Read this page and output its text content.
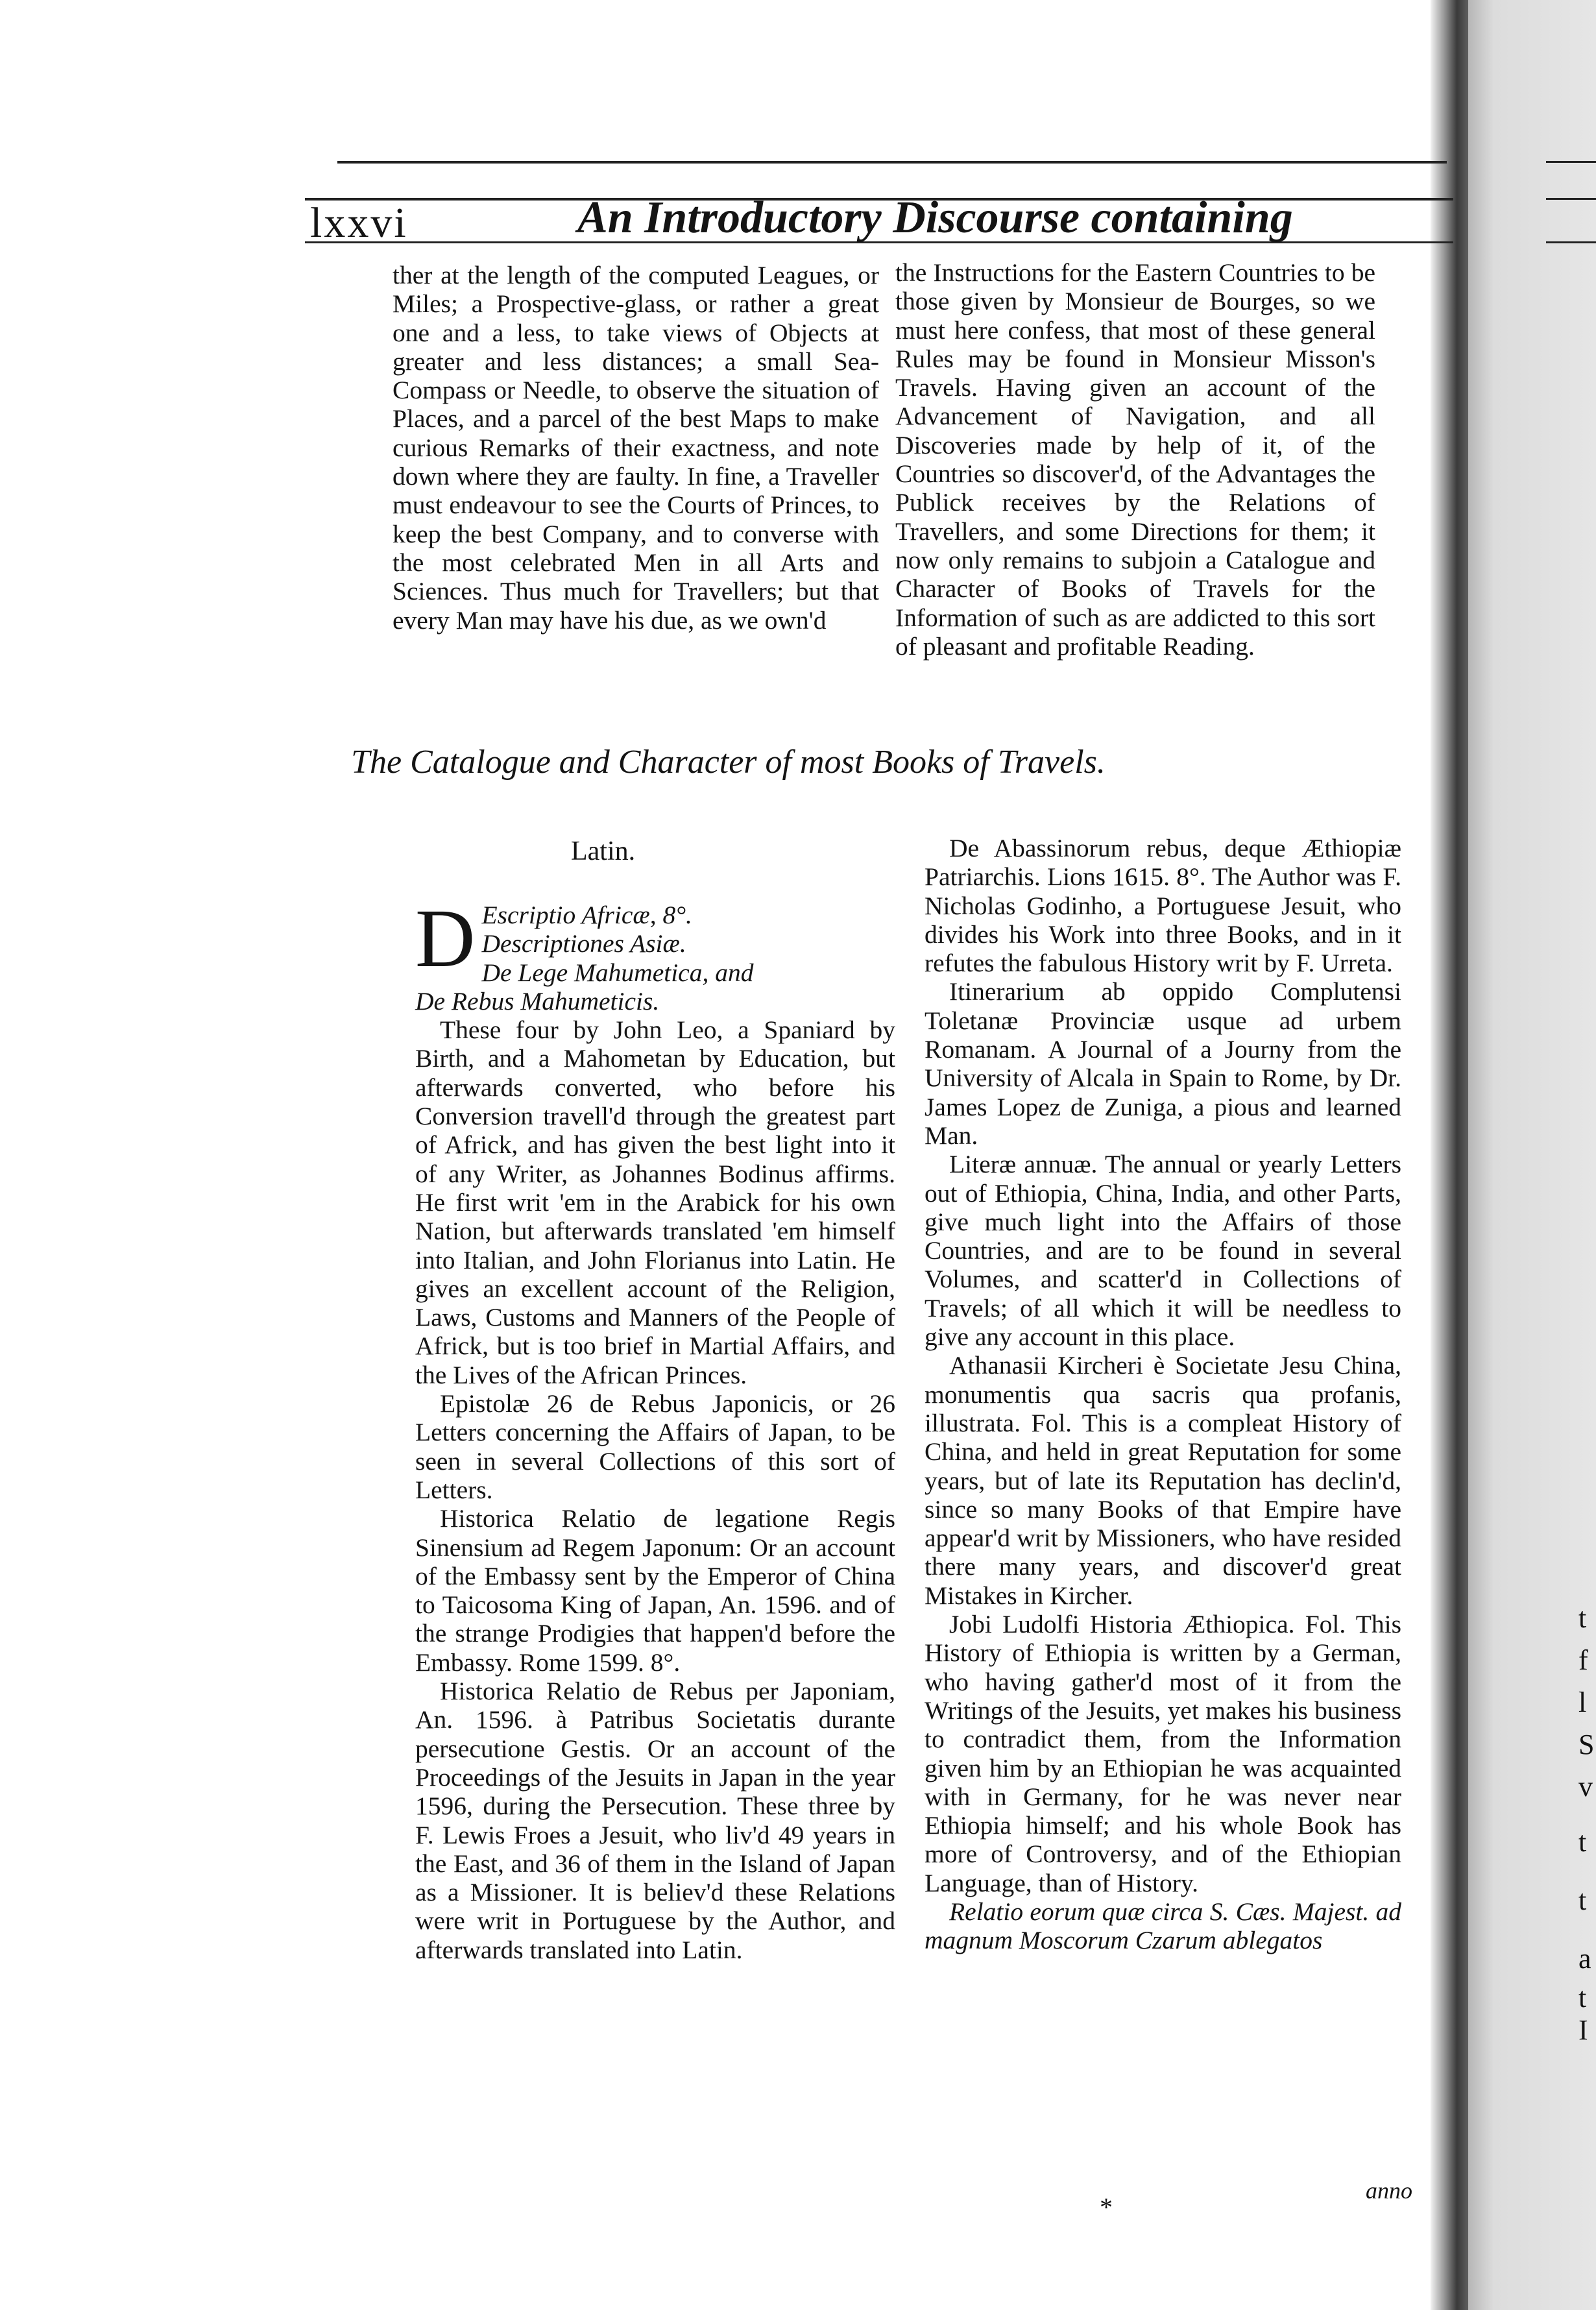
t
f
l
S
v
t
t
a
t
I
lxxvi	An Introductory Discourse containing

ther at the length of the computed Leagues, or Miles; a Prospective-glass, or rather a great one and a less, to take views of Objects at greater and less distances; a small Sea-Compass or Needle, to observe the situation of Places, and a parcel of the best Maps to make curious Remarks of their exactness, and note down where they are faulty. In fine, a Traveller must endeavour to see the Courts of Princes, to keep the best Company, and to converse with the most celebrated Men in all Arts and Sciences. Thus much for Travellers; but that every Man may have his due, as we own'd

the Instructions for the Eastern Countries to be those given by Monsieur de Bourges, so we must here confess, that most of these general Rules may be found in Monsieur Misson's Travels. Having given an account of the Advancement of Navigation, and all Discoveries made by help of it, of the Countries so discover'd, of the Advantages the Publick receives by the Relations of Travellers, and some Directions for them; it now only remains to subjoin a Catalogue and Character of Books of Travels for the Information of such as are addicted to this sort of pleasant and profitable Reading.

The Catalogue and Character of most Books of Travels.
Latin.
D Escriptio Africæ, 8°.
Descriptiones Asiæ.
De Lege Mahumetica, and
De Rebus Mahumeticis.

These four by John Leo, a Spaniard by Birth, and a Mahometan by Education, but afterwards converted, who before his Conversion travell'd through the greatest part of Africk, and has given the best light into it of any Writer, as Johannes Bodinus affirms. He first writ 'em in the Arabick for his own Nation, but afterwards translated 'em himself into Italian, and John Florianus into Latin. He gives an excellent account of the Religion, Laws, Customs and Manners of the People of Africk, but is too brief in Martial Affairs, and the Lives of the African Princes.

Epistolæ 26 de Rebus Japonicis, or 26 Letters concerning the Affairs of Japan, to be seen in several Collections of this sort of Letters.

Historica Relatio de legatione Regis Sinensium ad Regem Japonum: Or an account of the Embassy sent by the Emperor of China to Taicosoma King of Japan, An. 1596. and of the strange Prodigies that happen'd before the Embassy. Rome 1599. 8°.

Historica Relatio de Rebus per Japoniam, An. 1596. à Patribus Societatis durante persecutione Gestis. Or an account of the Proceedings of the Jesuits in Japan in the year 1596, during the Persecution. These three by F. Lewis Froes a Jesuit, who liv'd 49 years in the East, and 36 of them in the Island of Japan as a Missioner. It is believ'd these Relations were writ in Portuguese by the Author, and afterwards translated into Latin.

De Abassinorum rebus, deque Æthiopiæ Patriarchis. Lions 1615. 8°. The Author was F. Nicholas Godinho, a Portuguese Jesuit, who divides his Work into three Books, and in it refutes the fabulous History writ by F. Urreta.

Itinerarium ab oppido Complutensi Toletanæ Provinciæ usque ad urbem Romanam. A Journal of a Journy from the University of Alcala in Spain to Rome, by Dr. James Lopez de Zuniga, a pious and learned Man.

Literæ annuæ. The annual or yearly Letters out of Ethiopia, China, India, and other Parts, give much light into the Affairs of those Countries, and are to be found in several Volumes, and scatter'd in Collections of Travels; of all which it will be needless to give any account in this place.

Athanasii Kircheri è Societate Jesu China, monumentis qua sacris qua profanis, illustrata. Fol. This is a compleat History of China, and held in great Reputation for some years, but of late its Reputation has declin'd, since so many Books of that Empire have appear'd writ by Missioners, who have resided there many years, and discover'd great Mistakes in Kircher.

Jobi Ludolfi Historia Æthiopica. Fol. This History of Ethiopia is written by a German, who having gather'd most of it from the Writings of the Jesuits, yet makes his business to contradict them, from the Information given him by an Ethiopian he was acquainted with in Germany, for he was never near Ethiopia himself; and his whole Book has more of Controversy, and of the Ethiopian Language, than of History.

Relatio eorum quæ circa S. Cæs. Majest. ad magnum Moscorum Czarum ablegatos

*
anno
